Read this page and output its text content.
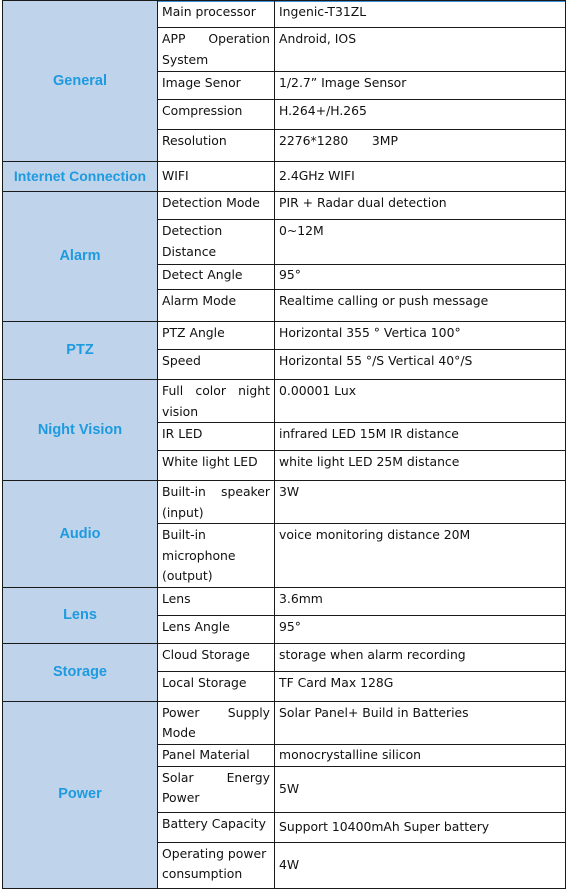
General	Main processor	Ingenic-T31ZL
	APP Operation System	Android, IOS
	Image Senor	1/2.7” Image Sensor
	Compression	H.264+/H.265
	Resolution	2276*1280      3MP
Internet Connection	WIFI	2.4GHz WIFI
Alarm	Detection Mode	PIR + Radar dual detection
	Detection Distance	0~12M
	Detect Angle	95°
	Alarm Mode	Realtime calling or push message
PTZ	PTZ Angle	Horizontal 355 ° Vertica 100°
	Speed	Horizontal 55 °/S Vertical 40°/S
Night Vision	Full color night vision	0.00001 Lux
	IR LED	infrared LED 15M IR distance
	White light LED	white light LED 25M distance
Audio	Built-in speaker (input)	3W
	Built-in microphone (output)	voice monitoring distance 20M
Lens	Lens	3.6mm
	Lens Angle	95°
Storage	Cloud Storage	storage when alarm recording
	Local Storage	TF Card Max 128G
Power	Power Supply Mode	Solar Panel+ Build in Batteries
	Panel Material	monocrystalline silicon
	Solar Energy Power	5W
	Battery Capacity	Support 10400mAh Super battery
	Operating power consumption	4W
